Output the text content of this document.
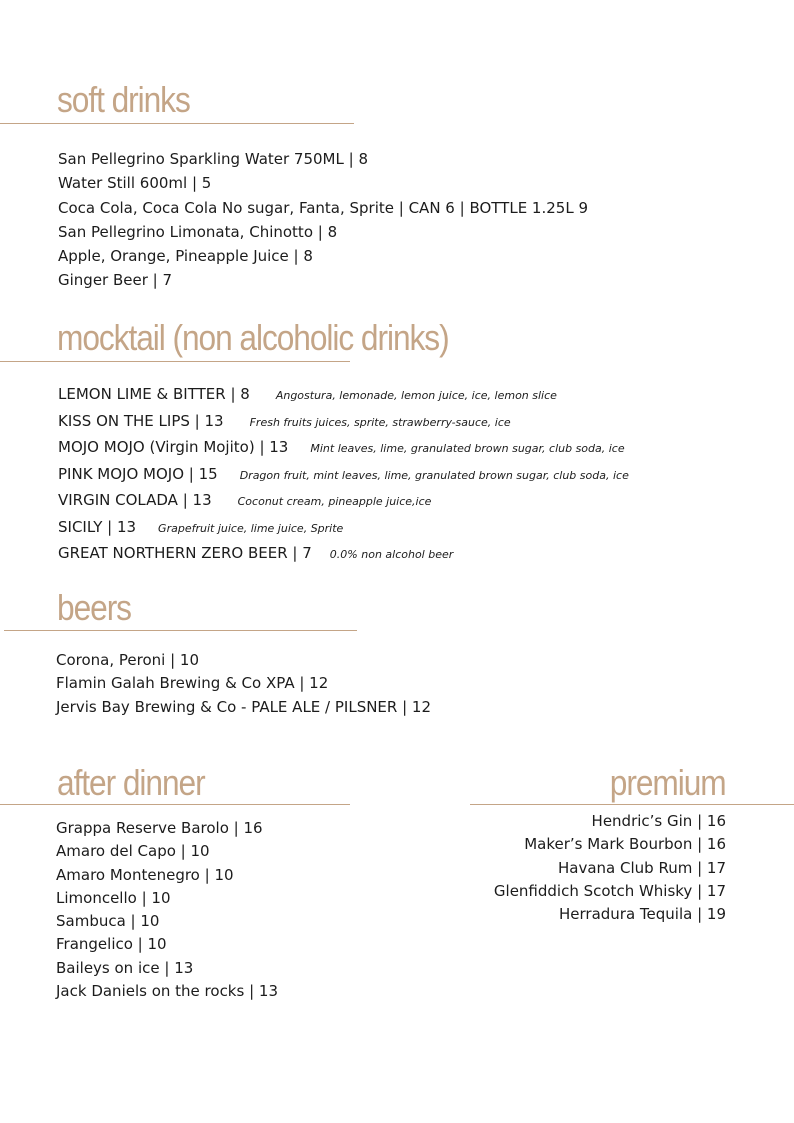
soft drinks
San Pellegrino Sparkling Water 750ML | 8
Water Still 600ml | 5
Coca Cola, Coca Cola No sugar, Fanta, Sprite | CAN 6 | BOTTLE 1.25L 9
San Pellegrino Limonata, Chinotto | 8
Apple, Orange, Pineapple Juice | 8
Ginger Beer | 7
mocktail (non alcoholic drinks)
LEMON LIME & BITTER | 8 Angostura, lemonade, lemon juice, ice, lemon slice
KISS ON THE LIPS | 13 Fresh fruits juices, sprite, strawberry-sauce, ice
MOJO MOJO (Virgin Mojito) | 13 Mint leaves, lime, granulated brown sugar, club soda, ice
PINK MOJO MOJO | 15 Dragon fruit, mint leaves, lime, granulated brown sugar, club soda, ice
VIRGIN COLADA | 13 Coconut cream, pineapple juice,ice
SICILY | 13 Grapefruit juice, lime juice, Sprite
GREAT NORTHERN ZERO BEER | 7 0.0% non alcohol beer
beers
Corona, Peroni | 10
Flamin Galah Brewing & Co XPA | 12
Jervis Bay Brewing & Co - PALE ALE / PILSNER | 12
after dinner
Grappa Reserve Barolo | 16
Amaro del Capo | 10
Amaro Montenegro | 10
Limoncello | 10
Sambuca | 10
Frangelico | 10
Baileys on ice | 13
Jack Daniels on the rocks | 13
premium
Hendric’s Gin | 16
Maker’s Mark Bourbon | 16
Havana Club Rum | 17
Glenfiddich Scotch Whisky | 17
Herradura Tequila | 19
